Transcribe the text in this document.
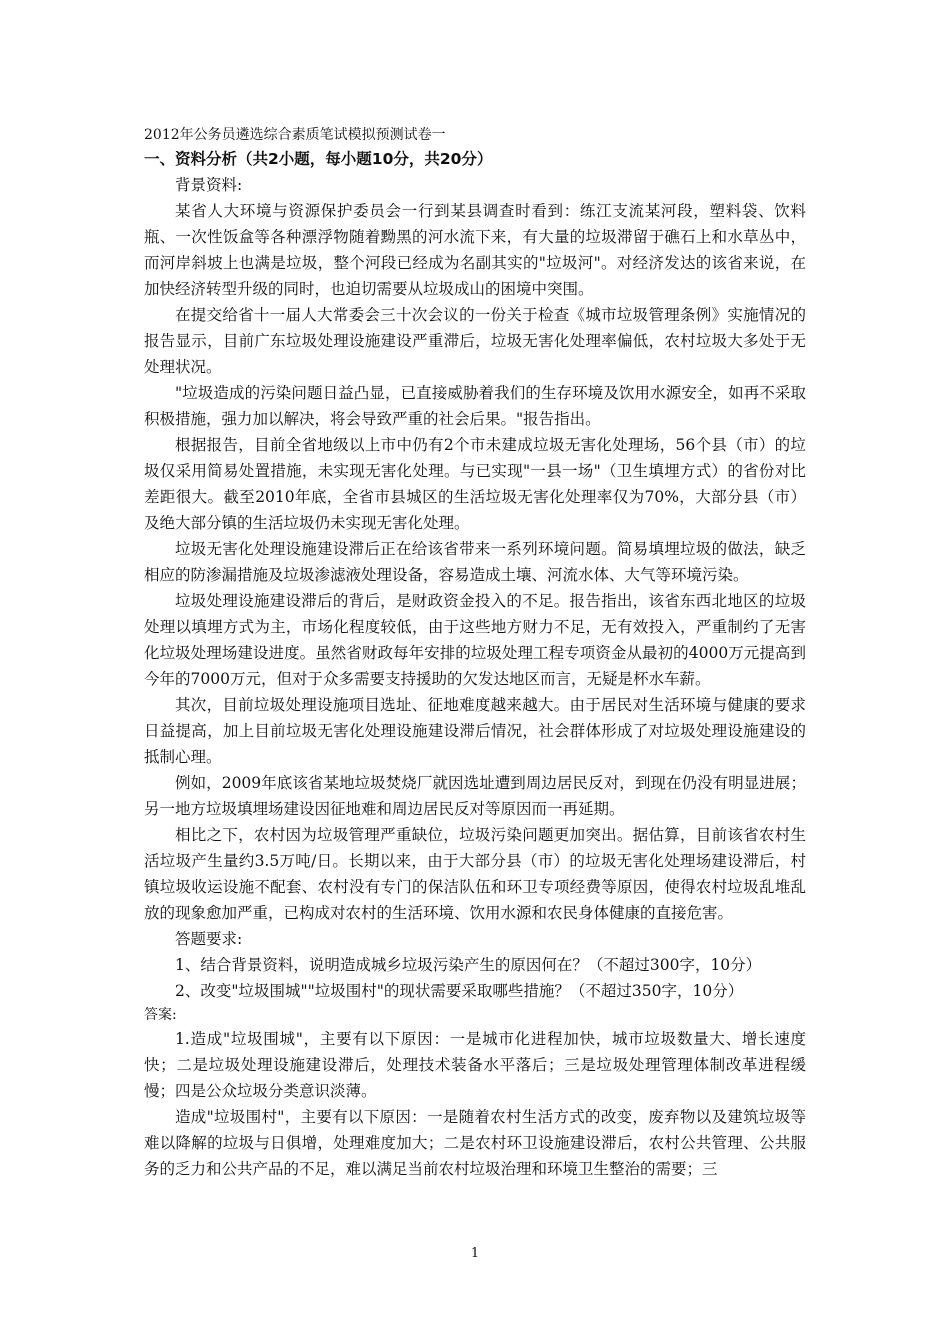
2012年公务员遴选综合素质笔试模拟预测试卷一

一、资料分析（共2小题，每小题10分，共20分）

背景资料:

某省人大环境与资源保护委员会一行到某县调查时看到：练江支流某河段，塑料袋、饮料瓶、一次性饭盒等各种漂浮物随着黝黑的河水流下来，有大量的垃圾滞留于礁石上和水草丛中，而河岸斜坡上也满是垃圾，整个河段已经成为名副其实的"垃圾河"。对经济发达的该省来说，在加快经济转型升级的同时，也迫切需要从垃圾成山的困境中突围。

在提交给省十一届人大常委会三十次会议的一份关于检查《城市垃圾管理条例》实施情况的报告显示，目前广东垃圾处理设施建设严重滞后，垃圾无害化处理率偏低，农村垃圾大多处于无处理状况。

"垃圾造成的污染问题日益凸显，已直接威胁着我们的生存环境及饮用水源安全，如再不采取积极措施，强力加以解决，将会导致严重的社会后果。"报告指出。

根据报告，目前全省地级以上市中仍有2个市未建成垃圾无害化处理场，56个县（市）的垃圾仅采用简易处置措施，未实现无害化处理。与已实现"一县一场"（卫生填埋方式）的省份对比差距很大。截至2010年底，全省市县城区的生活垃圾无害化处理率仅为70%，大部分县（市）及绝大部分镇的生活垃圾仍未实现无害化处理。

垃圾无害化处理设施建设滞后正在给该省带来一系列环境问题。简易填埋垃圾的做法，缺乏相应的防渗漏措施及垃圾渗滤液处理设备，容易造成土壤、河流水体、大气等环境污染。

垃圾处理设施建设滞后的背后，是财政资金投入的不足。报告指出，该省东西北地区的垃圾处理以填埋方式为主，市场化程度较低，由于这些地方财力不足，无有效投入，严重制约了无害化垃圾处理场建设进度。虽然省财政每年安排的垃圾处理工程专项资金从最初的4000万元提高到今年的7000万元，但对于众多需要支持援助的欠发达地区而言，无疑是杯水车薪。

其次，目前垃圾处理设施项目选址、征地难度越来越大。由于居民对生活环境与健康的要求日益提高，加上目前垃圾无害化处理设施建设滞后情况，社会群体形成了对垃圾处理设施建设的抵制心理。

例如，2009年底该省某地垃圾焚烧厂就因选址遭到周边居民反对，到现在仍没有明显进展；另一地方垃圾填埋场建设因征地难和周边居民反对等原因而一再延期。

相比之下，农村因为垃圾管理严重缺位，垃圾污染问题更加突出。据估算，目前该省农村生活垃圾产生量约3.5万吨/日。长期以来，由于大部分县（市）的垃圾无害化处理场建设滞后，村镇垃圾收运设施不配套、农村没有专门的保洁队伍和环卫专项经费等原因，使得农村垃圾乱堆乱放的现象愈加严重，已构成对农村的生活环境、饮用水源和农民身体健康的直接危害。

答题要求:

1、结合背景资料，说明造成城乡垃圾污染产生的原因何在？（不超过300字，10分）

2、改变"垃圾围城""垃圾围村"的现状需要采取哪些措施？（不超过350字，10分）

答案:

1.造成"垃圾围城"，主要有以下原因：一是城市化进程加快，城市垃圾数量大、增长速度快；二是垃圾处理设施建设滞后，处理技术装备水平落后；三是垃圾处理管理体制改革进程缓慢；四是公众垃圾分类意识淡薄。

造成"垃圾围村"，主要有以下原因：一是随着农村生活方式的改变，废弃物以及建筑垃圾等难以降解的垃圾与日俱增，处理难度加大；二是农村环卫设施建设滞后，农村公共管理、公共服务的乏力和公共产品的不足，难以满足当前农村垃圾治理和环境卫生整治的需要；三

1
